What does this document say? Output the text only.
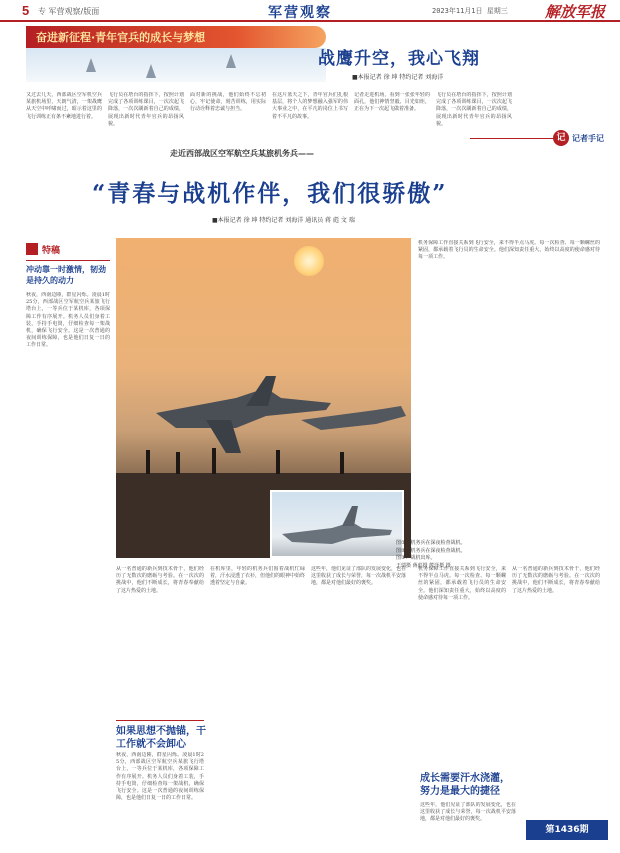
5 专 军营观察/版面	军营观察	2023年11月1日 星期三 解放军报
奋进新征程·青年官兵的成长与梦想
战鹰升空，我心飞翔
■本报记者 徐 坤 特约记者 刘海洋
又过去几天，西部战区空军机空兵某旅机场里，天朗气清，一架战鹰从天空中呼啸而过，昭示着这里的飞行训练正有条不紊地进行着。
飞行员在塔台的指挥下，按照计划完成了各项训练课目，一次次起飞降落，一次次刷新着自己的成绩，展现出新时代青年官兵的昂扬风貌。
面对新的挑战，他们始终不忘初心，牢记使命，刻苦训练，用实际行动诠释着忠诚与担当。
在这片蓝天之下，青年官兵们扎根基层，将个人的梦想融入强军的伟大事业之中，在平凡的岗位上书写着不平凡的故事。
记者走进机场，看到一张张年轻的面孔，他们神情坚毅、目光如炬，正在为下一次起飞做着准备。
飞行员在塔台的指挥下，按照计划完成了各项训练课目，一次次起飞降落，一次次刷新着自己的成绩，展现出新时代青年官兵的昂扬风貌。
记 记者手记
走近西部战区空军航空兵某旅机务兵——
“青春与战机作伴，我们很骄傲”
■本报记者 徐 坤 特约记者 刘海洋 通讯员 蒋 彪 文 瑞
特稿
冲动靠一时激情，韧劲是持久的动力
秋夜，西南边陲，群星闪烁。凌晨1时25分，西部战区空军航空兵某旅飞行塔台上，一等兵位于某机库，各项保障工作有序展开。机务人员们身着工装，手持手电筒，仔细检查每一架战机，确保飞行安全。这是一次普通的夜间训练保障，也是他们日复一日的工作日常。
图①：机务兵在深夜检查战机。
图②：机务兵在深夜检查战机。
图③：战机出库。
王瑞摄 蒋彪摄 熊泽摄 摄
机务保障工作直接关系到飞行安全，来不得半点马虎。每一次检查、每一颗螺丝的紧固，都承载着飞行员的生命安全。他们深知责任重大，始终以高度的使命感对待每一项工作。
从一名普通的新兵到技术骨干，他们经历了无数次的磨砺与考验。在一次次的挑战中，他们不断成长，将青春奉献给了这片热爱的土地。
如果思想不抛锚，干工作就不会卸心
秋夜，西南边陲，群星闪烁。凌晨1时25分，西部战区空军航空兵某旅飞行塔台上，一等兵位于某机库，各项保障工作有序展开。机务人员们身着工装，手持手电筒，仔细检查每一架战机，确保飞行安全。这是一次普通的夜间训练保障，也是他们日复一日的工作日常。
在机库里，年轻的机务兵们围着战机忙碌着，汗水浸透了衣衫，但他们的眼神中始终透着坚定与自豪。
这些年，他们见证了部队的发展变化，也在这里收获了成长与荣誉，每一次战机平安落地，都是对他们最好的褒奖。
机务保障工作直接关系到飞行安全，来不得半点马虎。每一次检查、每一颗螺丝的紧固，都承载着飞行员的生命安全。他们深知责任重大，始终以高度的使命感对待每一项工作。
从一名普通的新兵到技术骨干，他们经历了无数次的磨砺与考验。在一次次的挑战中，他们不断成长，将青春奉献给了这片热爱的土地。
成长需要汗水浇灌，努力是最大的捷径
这些年，他们见证了部队的发展变化，也在这里收获了成长与荣誉，每一次战机平安落地，都是对他们最好的褒奖。
第1436期
